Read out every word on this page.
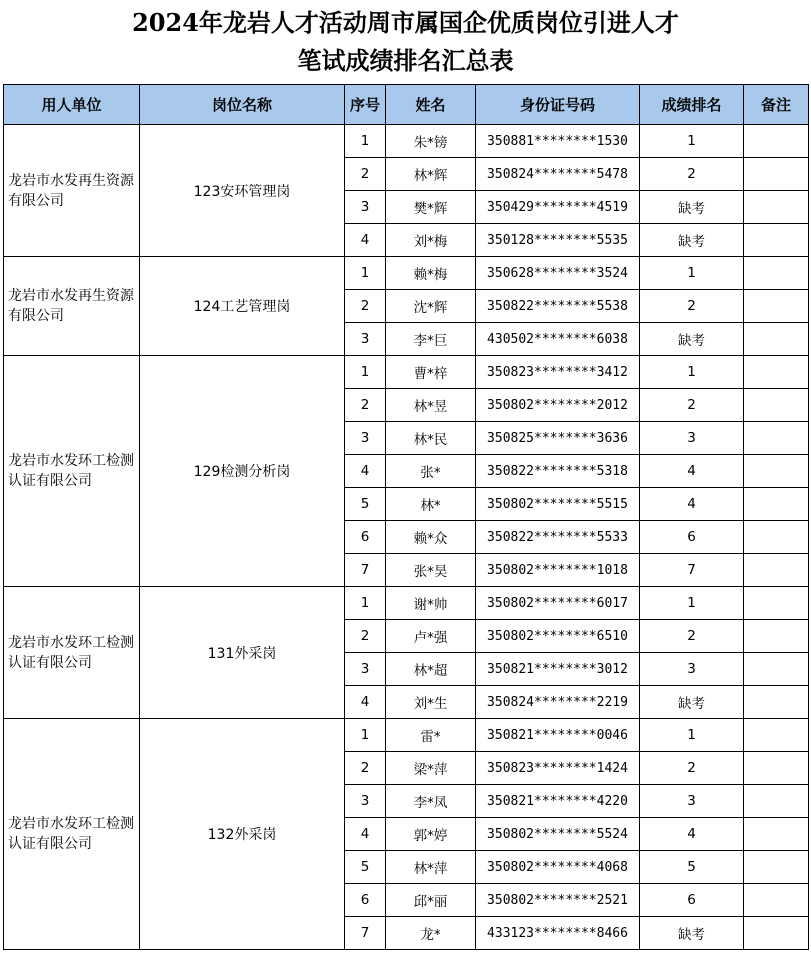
2024年龙岩人才活动周市属国企优质岗位引进人才
笔试成绩排名汇总表
用人单位	岗位名称	序号	姓名	身份证号码	成绩排名	备注
龙岩市水发再生资源有限公司	123安环管理岗	1	朱*镑	350881********1530	1	
		2	林*辉	350824********5478	2	
		3	樊*辉	350429********4519	缺考	
		4	刘*梅	350128********5535	缺考	
龙岩市水发再生资源有限公司	124工艺管理岗	1	赖*梅	350628********3524	1	
		2	沈*辉	350822********5538	2	
		3	李*巨	430502********6038	缺考	
龙岩市水发环工检测认证有限公司	129检测分析岗	1	曹*梓	350823********3412	1	
		2	林*昱	350802********2012	2	
		3	林*民	350825********3636	3	
		4	张*	350822********5318	4	
		5	林*	350802********5515	4	
		6	赖*众	350822********5533	6	
		7	张*昊	350802********1018	7	
龙岩市水发环工检测认证有限公司	131外采岗	1	谢*帅	350802********6017	1	
		2	卢*强	350802********6510	2	
		3	林*超	350821********3012	3	
		4	刘*生	350824********2219	缺考	
龙岩市水发环工检测认证有限公司	132外采岗	1	雷*	350821********0046	1	
		2	梁*萍	350823********1424	2	
		3	李*凤	350821********4220	3	
		4	郭*婷	350802********5524	4	
		5	林*萍	350802********4068	5	
		6	邱*丽	350802********2521	6	
		7	龙*	433123********8466	缺考	
